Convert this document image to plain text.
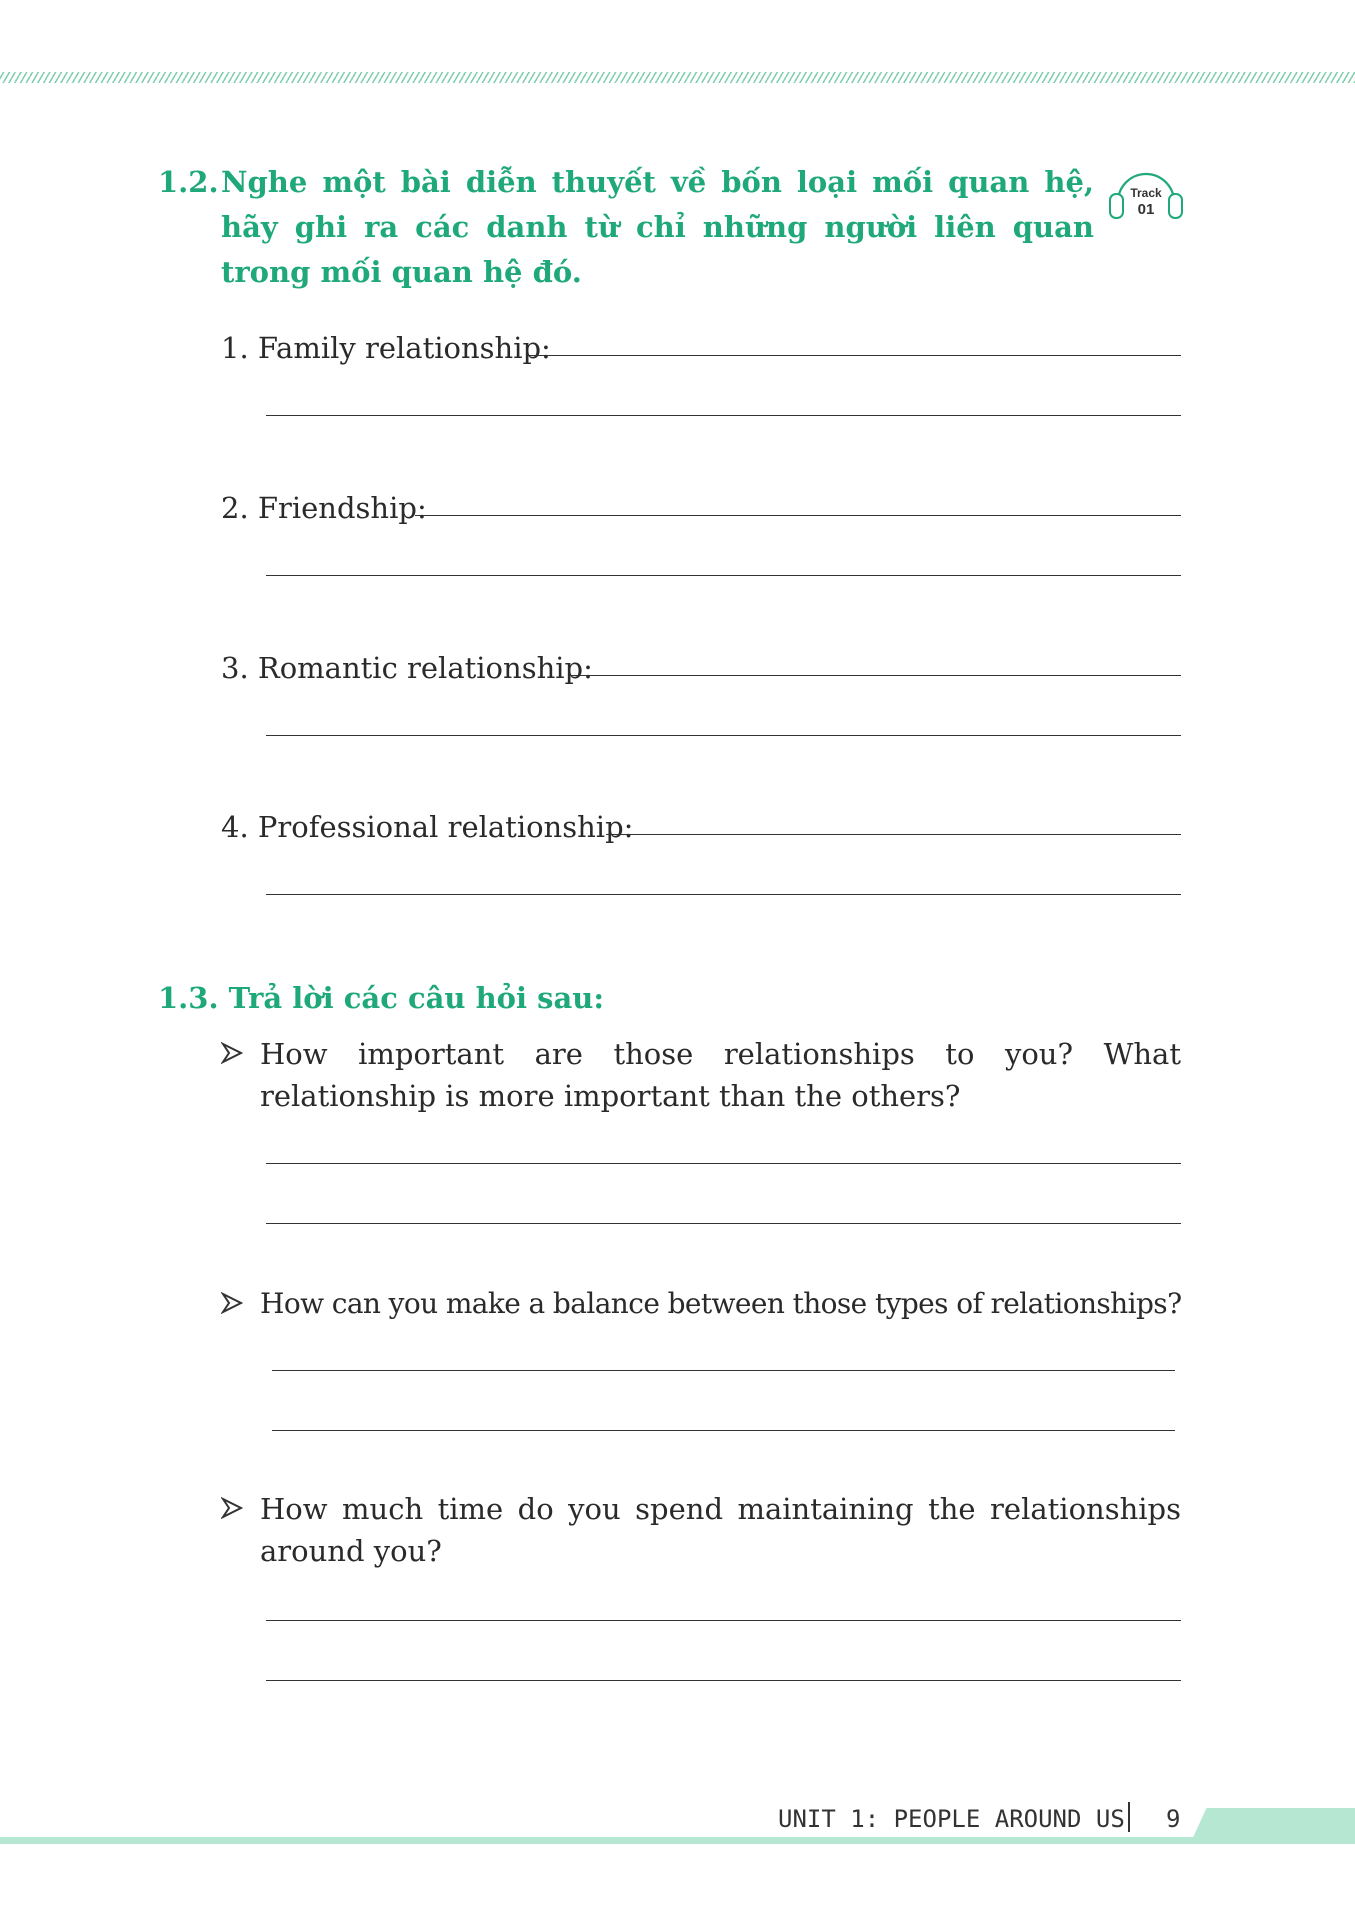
1.2. Nghe một bài diễn thuyết về bốn loại mối quan hệ, hãy ghi ra các danh từ chỉ những người liên quan trong mối quan hệ đó.
Track
01
1. Family relationship:
2. Friendship:
3. Romantic relationship:
4. Professional relationship:
1.3. Trả lời các câu hỏi sau:
How important are those relationships to you? What relationship is more important than the others?
How can you make a balance between those types of relationships?
How much time do you spend maintaining the relationships around you?
UNIT 1: PEOPLE AROUND US 9
